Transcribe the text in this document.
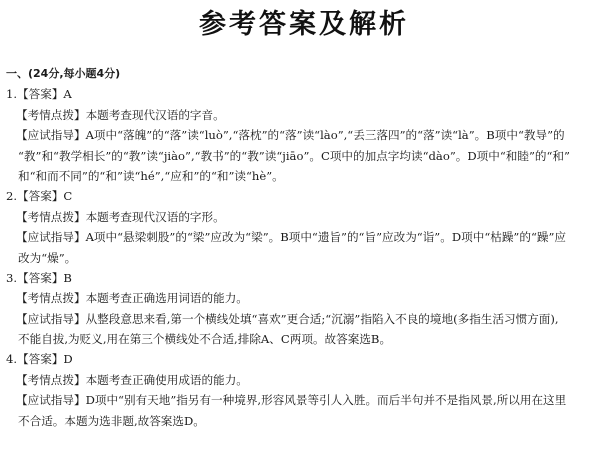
参考答案及解析
一、(24分,每小题4分)
1.【答案】A
【考情点拨】本题考查现代汉语的字音。
【应试指导】A项中“落魄”的“落”读“luò”,“落枕”的“落”读“lào”,“丢三落四”的“落”读“là”。B项中“教导”的
“教”和“教学相长”的“教”读“jiào”,“教书”的“教”读“jiāo”。C项中的加点字均读“dào”。D项中“和睦”的“和”
和“和而不同”的“和”读“hé”,“应和”的“和”读“hè”。
2.【答案】C
【考情点拨】本题考查现代汉语的字形。
【应试指导】A项中“悬梁刺股”的“梁”应改为“梁”。B项中“遗旨”的“旨”应改为“诣”。D项中“枯躁”的“躁”应
改为“燥”。
3.【答案】B
【考情点拨】本题考查正确选用词语的能力。
【应试指导】从整段意思来看,第一个横线处填“喜欢”更合适;“沉溺”指陷入不良的境地(多指生活习惯方面),
不能自拔,为贬义,用在第三个横线处不合适,排除A、C两项。故答案选B。
4.【答案】D
【考情点拨】本题考查正确使用成语的能力。
【应试指导】D项中“别有天地”指另有一种境界,形容风景等引人入胜。而后半句并不是指风景,所以用在这里
不合适。本题为选非题,故答案选D。
